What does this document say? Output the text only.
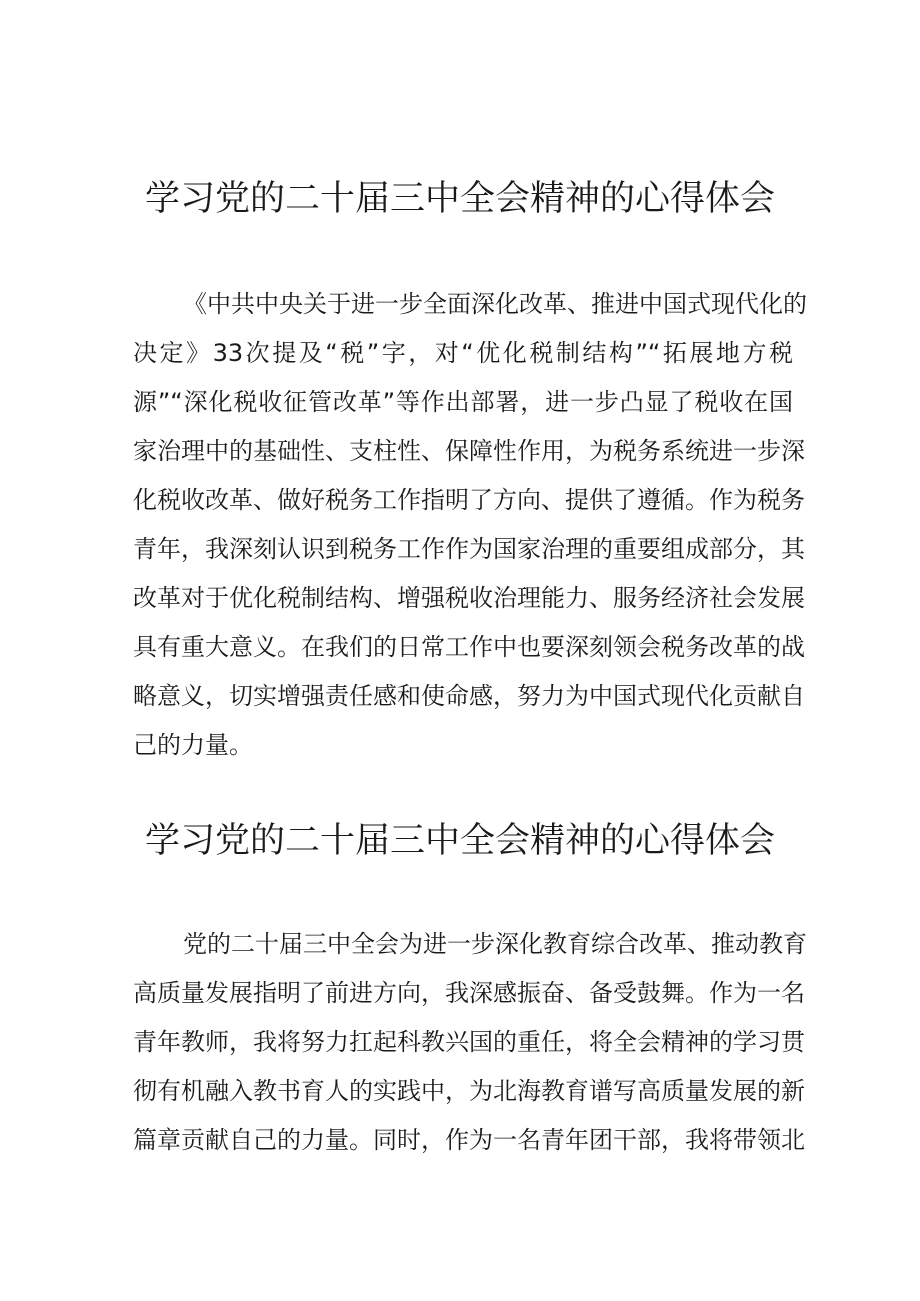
学习党的二十届三中全会精神的心得体会
《中共中央关于进一步全面深化改革、推进中国式现代化的
决定》33次提及“税”字，对“优化税制结构”“拓展地方税
源”“深化税收征管改革”等作出部署，进一步凸显了税收在国
家治理中的基础性、支柱性、保障性作用，为税务系统进一步深
化税收改革、做好税务工作指明了方向、提供了遵循。作为税务
青年，我深刻认识到税务工作作为国家治理的重要组成部分，其
改革对于优化税制结构、增强税收治理能力、服务经济社会发展
具有重大意义。在我们的日常工作中也要深刻领会税务改革的战
略意义，切实增强责任感和使命感，努力为中国式现代化贡献自
己的力量。
学习党的二十届三中全会精神的心得体会
党的二十届三中全会为进一步深化教育综合改革、推动教育
高质量发展指明了前进方向，我深感振奋、备受鼓舞。作为一名
青年教师，我将努力扛起科教兴国的重任，将全会精神的学习贯
彻有机融入教书育人的实践中，为北海教育谱写高质量发展的新
篇章贡献自己的力量。同时，作为一名青年团干部，我将带领北
